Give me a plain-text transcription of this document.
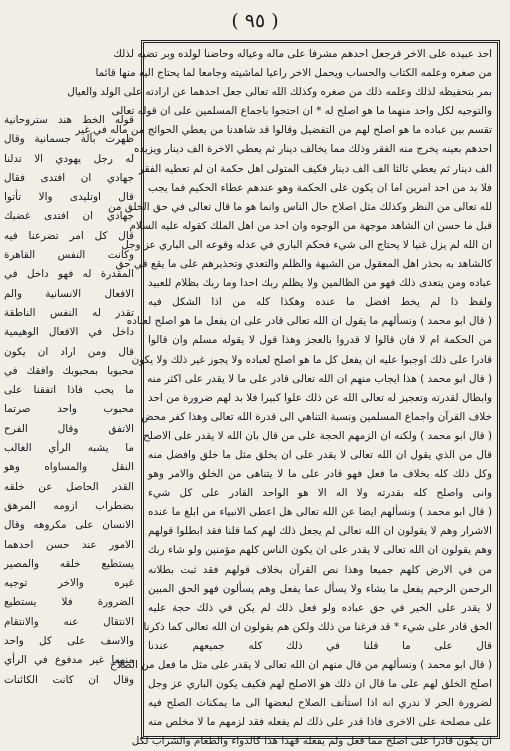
( ٩٥ )
قوله الخط هند ستروحانية
ظهرت بآلة جسمانية وقال
له رجل يهودي الا تدلنا
جهادي ان افتدى فقال
قال اوتليدى والا تأتوا
جهادي ان افتدى غضبك
قال كل امر تضرعنا فيه
وكانت النفس القاهرة
المقدرة له فهو داخل في
الافعال الانسانية والم
تقدر له النفس الناطقة
داخل في الافعال الوهيمية
قال ومن اراد ان يكون
محبوبا بمحبوبك وافقك في
ما يحب فاذا اتفقنا على
محبوب واحد صرتما
الاتفق وقال الفرح
ما يشبه الرأي الغالب
النقل والمساواه وهو
القدر الحاصل عن خلقه
بضطراب ازومه المرهق
الانسان على مكروهه وقال
الامور عند حسن احدهما
يستطيع خلقه والمصير
غيره والاخر توجيه
الضرورة فلا يستطيع
الانتقال عنه والانتقام
والاسف على كل واحد
منهما غير مدفوع في الرأي
وقال ان كانت الكائنات
احد عبيده على الاخر فرجعل احدهم مشرفا على ماله وعياله وحاضنا لولده وبر تضيه لذلك
من صغره وعلمه الكتاب والحساب ويحمل الاخر راعيا لماشيته وجامعا لما يحتاج اليه منها قائما
بمر بتحفيظه لذلك وعلمه ذلك من صغره وكذلك الله تعالى جعل احدهما عن ارادته على الولد والعيال
والتوجيه لكل واحد منهما ما هو اصلح له * ان احتجوا باجماع المسلمين على ان قوله تعالى
تقسم بين عباده ما هو اصلح لهم من التفضيل وقالوا قد شاهدنا من يعطي الحوائج من ماله في غير
احدهم بعينه يخرج منه الفقر وذلك مما يخالف دينار ثم يعطي الاخرة الف دينار ويزيده
الف دينار ثم يعطي ثالثا الف الف دينار فكيف المتولى اهل حكمة ان لم تعطيه الفقر
فلا بد من احد امرين اما ان يكون على الحكمة وهو عندهم عطاء الحكيم فما يجب
لله تعالى من النظر وكذلك مثل اصلاح حال الناس وانما هو ما قال تعالى في حق الخلق من
قبل ما حسن ان الشاهد موجهة من الوجوه وان احد من اهل الملك كقوله عليه السلام
ان الله لم يزل غنيا لا يحتاج الى شيء فحكم الباري في عدله وقوعه الى الباري عز وجل
كالشاهد به بحذر اهل المعقول من الشبهة والظلم والتعدي وتحذيرهم على ما يقع في حق
عباده ومن يتعدى ذلك فهو من الظالمين ولا يظلم ربك احدا وما ربك بظلام للعبيد
ولفظ ذا لم يخط افضل ما عنده وهكذا كله من اذا الشكل فيه
( قال ابو محمد ) ونسألهم ما يقول ان الله تعالى قادر على ان يفعل ما هو اصلح لعباده
من الحكمة ام لا فان قالوا لا قدروا بالعجز وهذا قول لا يقوله مسلم وان قالوا
قادرا على ذلك اوجبوا عليه ان يفعل كل ما هو اصلح لعباده ولا يجوز غير ذلك ولا يكون
( قال ابو محمد ) هذا ايجاب منهم ان الله تعالى قادر على ما لا يقدر على اكثر منه
وابطال لقدرته وتعجيز له تعالى الله عن ذلك علوا كبيرا فلا بد لهم ضرورة من احد
خلاف القرآن واجماع المسلمين ونسبة التناهي الى قدرة الله تعالى وهذا كفر محض
( قال ابو محمد ) ولكنه ان الزمهم الحجة على من قال بان الله لا يقدر على الاصلح
قال من الذي يقول ان الله تعالى لا يقدر على ان يخلق مثل ما خلق وافضل منه
وكل ذلك كله بخلاف ما فعل فهو قادر على ما لا يتناهى من الخلق والامر وهو
وانى واصلح كله بقدرته ولا اله الا هو الواحد القادر على كل شيء
( قال ابو محمد ) ونسألهم ايضا عن الله تعالى هل اعطى الانبياء من ابلغ ما عنده
الاشرار وهم لا يقولون ان الله تعالى لم يجعل ذلك لهم كما قلنا فقد ابطلوا قولهم
وهم يقولون ان الله تعالى لا يقدر على ان يكون الناس كلهم مؤمنين ولو شاء ربك
من في الارض كلهم جميعا وهذا نص القرآن بخلاف قولهم فقد ثبت بطلانه
الرحمن الرحيم يفعل ما يشاء ولا يسأل عما يفعل وهم يسألون فهو الحق المبين
لا يقدر على الخير في حق عباده ولو فعل ذلك لم يكن في ذلك حجة عليه
الحق قادر على شيء * قد فرغنا من ذلك ولكن هم يقولون ان الله تعالى كما ذكرنا
قال على ما قلنا في ذلك كله جميعهم عندنا
( قال ابو محمد ) ونسألهم من قال منهم ان الله تعالى لا يقدر على مثل ما فعل من الصلاح
اصلح الخلق لهم على ما قال ان ذلك هو الاصلح لهم فكيف يكون الباري عز وجل
لضرورة الحر لا ندري انه اذا استأنف الصلاح لبعضها الى ما يمكنات الصلح فيه
على مصلحة على الاخرى فاذا قدر على ذلك لم يفعله فقد لزمهم ما لا مخلص منه
ان يكون قادرا على اصلح مما فعل ولم يفعله فهذا هذا كالدواء والطعام والشراب لكل
